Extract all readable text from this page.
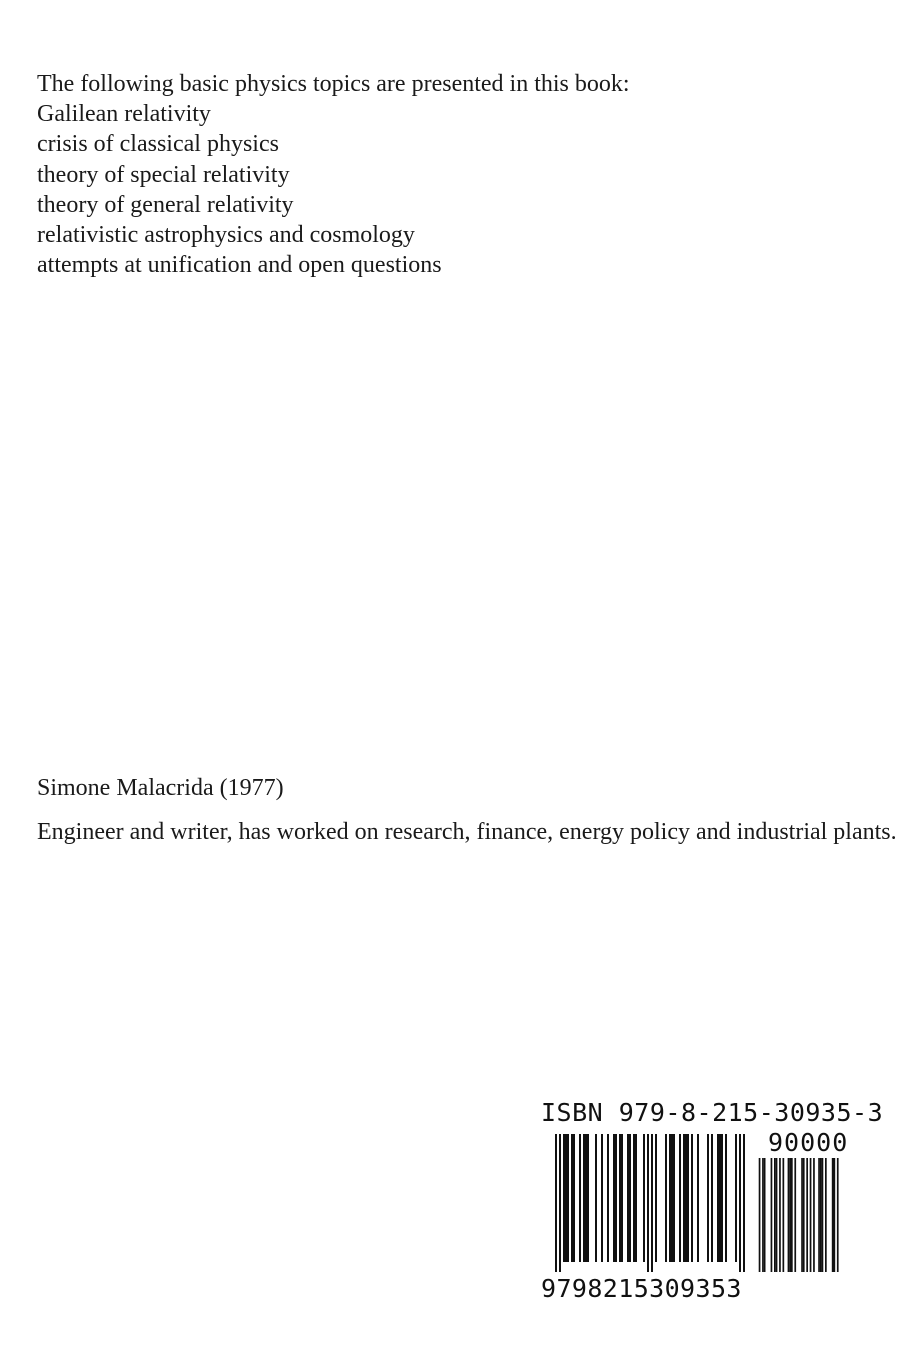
The following basic physics topics are presented in this book:
Galilean relativity
crisis of classical physics
theory of special relativity
theory of general relativity
relativistic astrophysics and cosmology
attempts at unification and open questions
Simone Malacrida (1977)
Engineer and writer, has worked on research, finance, energy policy and industrial plants.
ISBN 979-8-215-30935-3
90000
9798215309353
